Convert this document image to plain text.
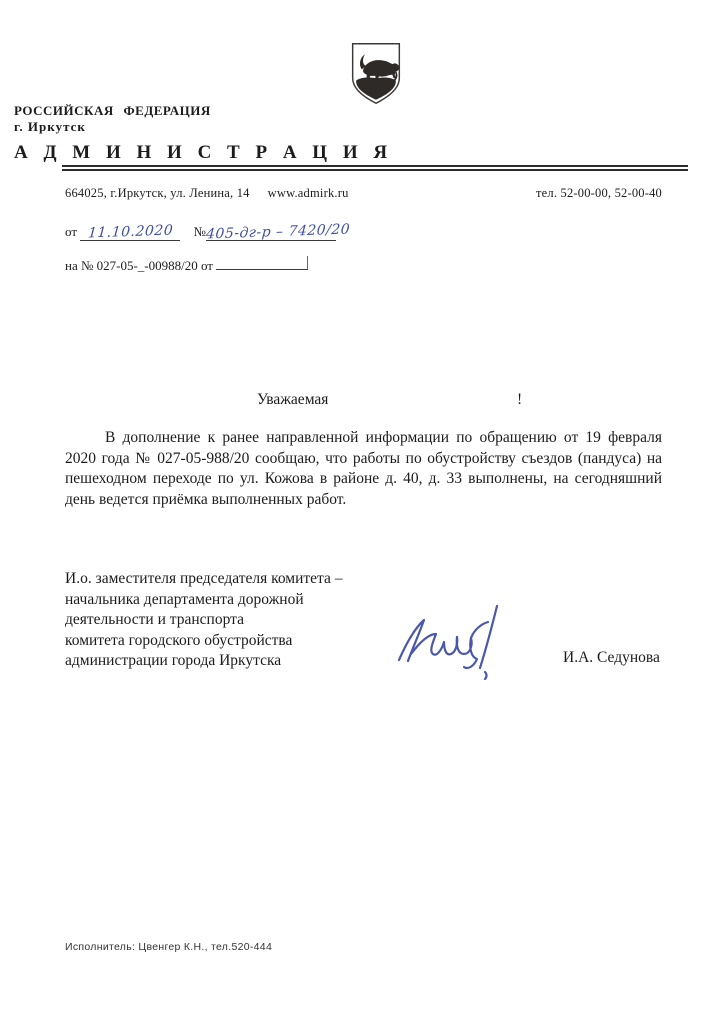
РОССИЙСКАЯ ФЕДЕРАЦИЯ
г. Иркутск
А Д М И Н И С Т Р А Ц И Я
664025, г.Иркутск, ул. Ленина, 14 www.admirk.ru	тел. 52-00-00, 52-00-40
от 11.10.2020 №405-дг-р – 7420/20
на № 027-05-_-00988/20 от
Уважаемая	!
В дополнение к ранее направленной информации по обращению от 19 февраля 2020 года № 027-05-988/20 сообщаю, что работы по обустройству съездов (пандуса) на пешеходном переходе по ул. Кожова в районе д. 40, д. 33 выполнены, на сегодняшний день ведется приёмка выполненных работ.
И.о. заместителя председателя комитета –
начальника департамента дорожной
деятельности и транспорта
комитета городского обустройства
администрации города Иркутска	И.А. Седунова
Исполнитель: Цвенгер К.Н., тел.520-444
